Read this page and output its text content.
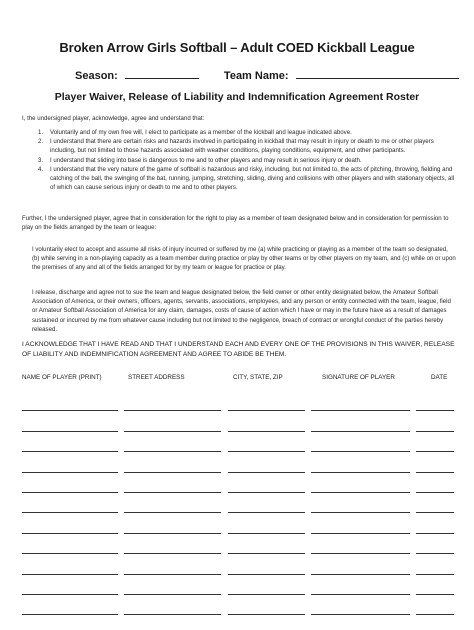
Broken Arrow Girls Softball – Adult COED Kickball League
Season:	Team Name:
Player Waiver, Release of Liability and Indemnification Agreement Roster
I, the undersigned player, acknowledge, agree and understand that:
1.	Voluntarily and of my own free will, I elect to participate as a member of the kickball and league indicated above.
2.	I understand that there are certain risks and hazards involved in participating in kickball that may result in injury or death to me or other players including, but not limited to those hazards associated with weather conditions, playing conditions, equipment, and other participants.
3.	I understand that sliding into base is dangerous to me and to other players and may result in serious injury or death.
4.	I understand that the very nature of the game of softball is hazardous and risky, including, but not limited to, the acts of pitching, throwing, fielding and catching of the ball, the swinging of the bat, running, jumping, stretching, sliding, diving and collisions with other players and with stationary objects, all of which can cause serious injury or death to me and to other players.
Further, I the undersigned player, agree that in consideration for the right to play as a member of team designated below and in consideration for permission to play on the fields arranged by the team or league:
I voluntarily elect to accept and assume all risks of injury incurred or suffered by me (a) while practicing or playing as a member of the team so designated, (b) while serving in a non-playing capacity as a team member during practice or play by other teams or by other players on my team, and (c) while on or upon the premises of any and all of the fields arranged for by my team or league for practice or play.
I release, discharge and agree not to sue the team and league designated below, the field owner or other entity designated below, the Amateur Softball Association of America, or their owners, officers, agents, servants, associations, employees, and any person or entity connected with the team, league, field or Amateur Softball Association of America for any claim, damages, costs of cause of action which I have or may in the future have as a result of damages sustained or incurred by me from whatever cause including but not limited to the negligence, breach of contract or wrongful conduct of the parties hereby released.
I ACKNOWLEDGE THAT I HAVE READ AND THAT I UNDERSTAND EACH AND EVERY ONE OF THE PROVISIONS IN THIS WAIVER, RELEASE OF LIABILITY AND INDEMNIFICATION AGREEMENT AND AGREE TO ABIDE BE THEM.
NAME OF PLAYER (PRINT)	STREET ADDRESS	CITY, STATE, ZIP	SIGNATURE OF PLAYER	DATE
